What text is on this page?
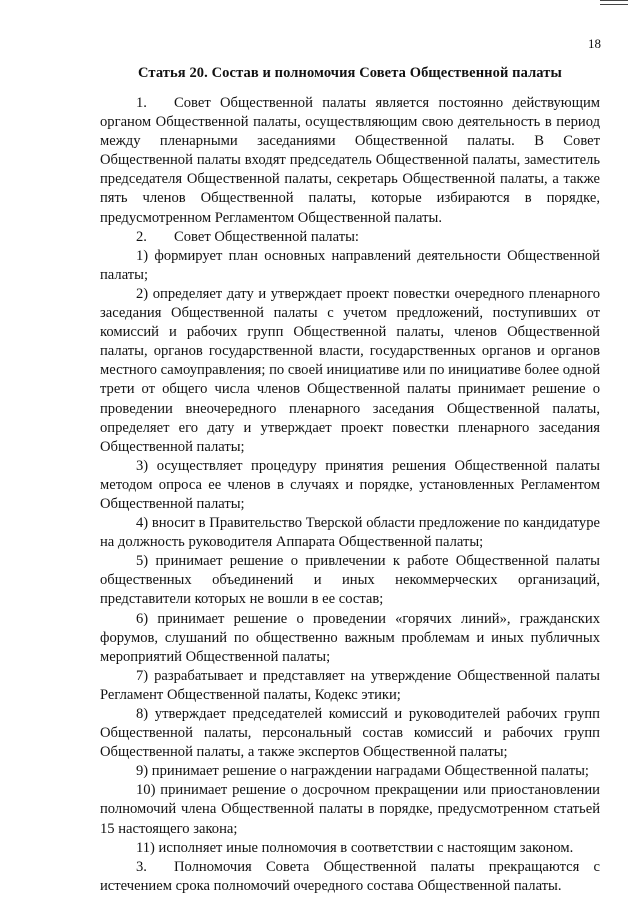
18
Статья 20. Состав и полномочия Совета Общественной палаты

1. Совет Общественной палаты является постоянно действующим органом Общественной палаты, осуществляющим свою деятельность в период между пленарными заседаниями Общественной палаты. В Совет Общественной палаты входят председатель Общественной палаты, заместитель председателя Общественной палаты, секретарь Общественной палаты, а также пять членов Общественной палаты, которые избираются в порядке, предусмотренном Регламентом Общественной палаты.

2. Совет Общественной палаты:

1) формирует план основных направлений деятельности Общественной палаты;

2) определяет дату и утверждает проект повестки очередного пленарного заседания Общественной палаты с учетом предложений, поступивших от комиссий и рабочих групп Общественной палаты, членов Общественной палаты, органов государственной власти, государственных органов и органов местного самоуправления; по своей инициативе или по инициативе более одной трети от общего числа членов Общественной палаты принимает решение о проведении внеочередного пленарного заседания Общественной палаты, определяет его дату и утверждает проект повестки пленарного заседания Общественной палаты;

3) осуществляет процедуру принятия решения Общественной палаты методом опроса ее членов в случаях и порядке, установленных Регламентом Общественной палаты;

4) вносит в Правительство Тверской области предложение по кандидатуре на должность руководителя Аппарата Общественной палаты;

5) принимает решение о привлечении к работе Общественной палаты общественных объединений и иных некоммерческих организаций, представители которых не вошли в ее состав;

6) принимает решение о проведении «горячих линий», гражданских форумов, слушаний по общественно важным проблемам и иных публичных мероприятий Общественной палаты;

7) разрабатывает и представляет на утверждение Общественной палаты Регламент Общественной палаты, Кодекс этики;

8) утверждает председателей комиссий и руководителей рабочих групп Общественной палаты, персональный состав комиссий и рабочих групп Общественной палаты, а также экспертов Общественной палаты;

9) принимает решение о награждении наградами Общественной палаты;

10) принимает решение о досрочном прекращении или приостановлении полномочий члена Общественной палаты в порядке, предусмотренном статьей 15 настоящего закона;

11) исполняет иные полномочия в соответствии с настоящим законом.

3. Полномочия Совета Общественной палаты прекращаются с истечением срока полномочий очередного состава Общественной палаты.
